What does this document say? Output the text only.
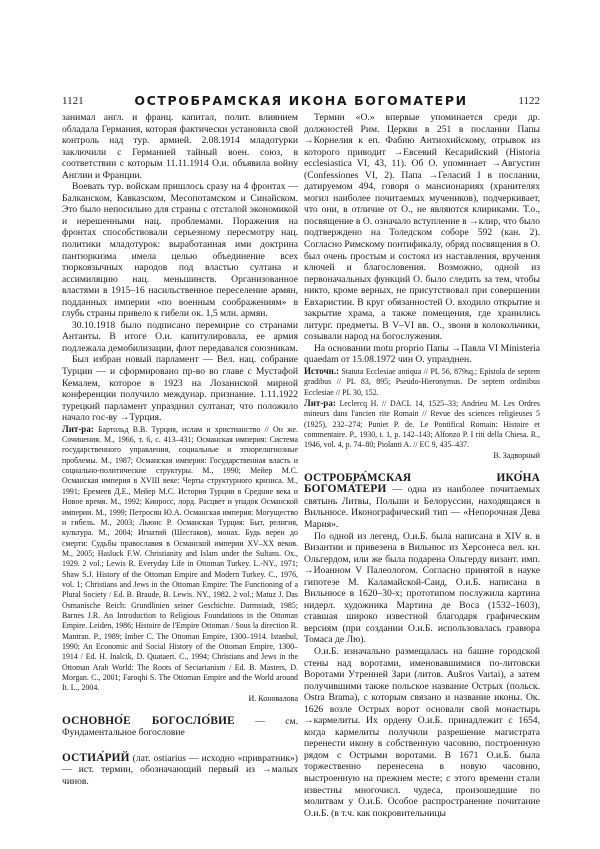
1121	ОСТРОБРАМСКАЯ ИКОНА БОГОМАТЕРИ	1122

занимал англ. и франц. капитал, полит. влиянием обладала Германия, которая фактически установила свой контроль над тур. армией. 2.08.1914 младотурки заключили с Германией тайный воен. союз, в соответствии с которым 11.11.1914 О.и. объявила войну Англии и Франции.

Воевать тур. войскам пришлось сразу на 4 фронтах — Балканском, Кавказском, Месопотамском и Синайском. Это было непосильно для страны с отсталой экономикой и нерешенными нац. проблемами. Поражения на фронтах способствовали серьезному пересмотру нац. политики младотурок: выработанная ими доктрина пантюркизма имела целью объединение всех тюркоязычных народов под властью султана и ассимиляцию нац. меньшинств. Организованное властями в 1915–16 насильственное переселение армян, подданных империи «по военным соображениям» в глубь страны привело к гибели ок. 1,5 млн. армян.

30.10.1918 было подписано перемирие со странами Антанты. В итоге О.и. капитулировала, ее армия подлежала демобилизации, флот передавался союзникам.

Был избран новый парламент — Вел. нац. собрание Турции — и сформировано пр-во во главе с Мустафой Кемалем, которое в 1923 на Лозаннской мирной конференции получило междунар. признание. 1.11.1922 турецкий парламент упразднил султанат, что положило начало гос-ву →Турция.

Лит-ра: Бартольд В.В. Турция, ислам и христианство // Он же. Сочинения. М., 1966, т. 6, с. 413–431; Османская империя: Система государственного управления, социальные и этнорелигиозные проблемы. М., 1987; Османская империя: Государственная власть и социально-политические структуры. М., 1990; Мейер М.С. Османская империя в XVIII веке: Черты структурного кризиса. М., 1991; Еремеев Д.Е., Мейер М.С. История Турции в Средние века и Новое время. М., 1992; Кинросс, лорд. Расцвет и упадок Османской империи. М., 1999; Петросян Ю.А. Османская империя: Могущество и гибель. М., 2003; Льюис Р. Османская Турция: Быт, религия, культура. М., 2004; Игнатий (Шестаков), монах. Будь верен до смерти: Судьбы православия в Османской империи XV–XX веков. М., 2005; Hasluck F.W. Christianity and Islam under the Sultans. Ox., 1929. 2 vol.; Lewis R. Everyday Life in Ottoman Turkey. L.-NY., 1971; Shaw S.J. History of the Ottoman Empire and Modern Turkey. C., 1976, vol. 1; Christians and Jews in the Ottoman Empire: The Functioning of a Plural Society / Ed. B. Braude, B. Lewis. NY., 1982. 2 vol.; Matuz J. Das Osmanische Reich: Grundlinien seiner Geschichte. Darmstadt, 1985; Barnes J.R. An Introduction to Religious Foundations in the Ottoman Empire. Leiden, 1986; Histoire de l'Empire Ottoman / Sous la direction R. Mantran. P., 1989; Imber C. The Ottoman Empire, 1300–1914. Istanbul, 1990; An Economic and Social History of the Ottoman Empire, 1300–1914 / Ed. H. Inalcik, D. Quataert. C., 1994; Christians and Jews in the Ottoman Arab World: The Roots of Sectarianism / Ed. B. Masters, D. Morgan. C., 2001; Faroqhi S. The Ottoman Empire and the World around It. L., 2004.

И. Коновалова

ОСНОВНО́Е БОГОСЛО́ВИЕ — см. Фундаментальное богословие

ОСТИА́РИЙ (лат. ostiarius — исходно «привратник») — ист. термин, обозначающий первый из →малых чинов.

Термин «О.» впервые упоминается среди др. должностей Рим. Церкви в 251 в послании Папы →Корнелия к еп. Фабию Антиохийскому, отрывок из которого приводит →Евсевий Кесарийский (Historia ecclesiastica VI, 43, 11). Об О. упоминает →Августин (Confessiones VI, 2). Папа →Геласий I в послании, датируемом 494, говоря о мансионариях (хранителях могил наиболее почитаемых мучеников), подчеркивает, что они, в отличие от О., не являются клириками. Т.о., посвящение в О. означало вступление в →клир, что было подтверждено на Толедском соборе 592 (кан. 2). Согласно Римскому понтификалу, обряд посвящения в О. был очень простым и состоял из наставления, вручения ключей и благословения. Возможно, одной из первоначальных функций О. было следить за тем, чтобы никто, кроме верных, не присутствовал при совершении Евхаристии. В круг обязанностей О. входило открытие и закрытие храма, а также помещения, где хранились литург. предметы. В V–VI вв. О., звоня в колокольчики, созывали народ на богослужения.

На основании motu proprio Папы →Павла VI Ministeria quaedam от 15.08.1972 чин О. упразднен.

Источн.: Statuta Ecclesiae antiqua // PL 56, 879sq.; Epistola de septem gradibus // PL 83, 895; Pseudo-Hieronymus. De septem ordinibus Ecclesiae // PL 30, 152.

Лит-ра: Leclercq H. // DACL 14, 1525–33; Andrieu M. Les Ordres mineurs dans l'ancien rite Romain // Revue des sciences religieuses 5 (1925), 232–274; Puniet P. de. Le Pontifical Romain: Histoire et commentaire. P., 1930, t. 1, p. 142–143; Alfonzo P. I riti della Chiesa. R., 1946, vol. 4, p. 74–80; Piolanti A. // EC 9, 435–437.

В. Задворный

ОСТРОБРА́МСКАЯ ИКО́НА БОГОМА́ТЕРИ — одна из наиболее почитаемых святынь Литвы, Польши и Белоруссии, находящаяся в Вильнюсе. Иконографический тип — «Непорочная Дева Мария».

По одной из легенд, О.и.Б. была написана в XIV в. в Византии и привезена в Вильнюс из Херсонеса вел. кн. Ольгердом, или же была подарена Ольгерду визант. имп. →Иоанном V Палеологом. Согласно принятой в науке гипотезе М. Каламайской-Саид, О.и.Б. написана в Вильнюсе в 1620–30-х; прототипом послужила картина нидерл. художника Мартина де Воса (1532–1603), ставшая широко известной благодаря графическим версиям (при создании О.и.Б. использовалась гравюра Томаса де Лю).

О.и.Б. изначально размещалась на башне городской стены над воротами, именовавшимися по-литовски Воротами Утренней Зари (литов. Aušros Vartai), а затем получившими также польское название Острых (польск. Ostra Brama), с которым связано и название иконы. Ок. 1626 возле Острых ворот основали свой монастырь →кармелиты. Их ордену О.и.Б. принадлежит с 1654, когда кармелиты получили разрешение магистрата перенести икону в собственную часовню, построенную рядом с Острыми воротами. В 1671 О.и.Б. была торжественно перенесена в новую часовню, выстроенную на прежнем месте; с этого времени стали известны многочисл. чудеса, произошедшие по молитвам у О.и.Б. Особое распространение почитание О.и.Б. (в т.ч. как покровительницы
